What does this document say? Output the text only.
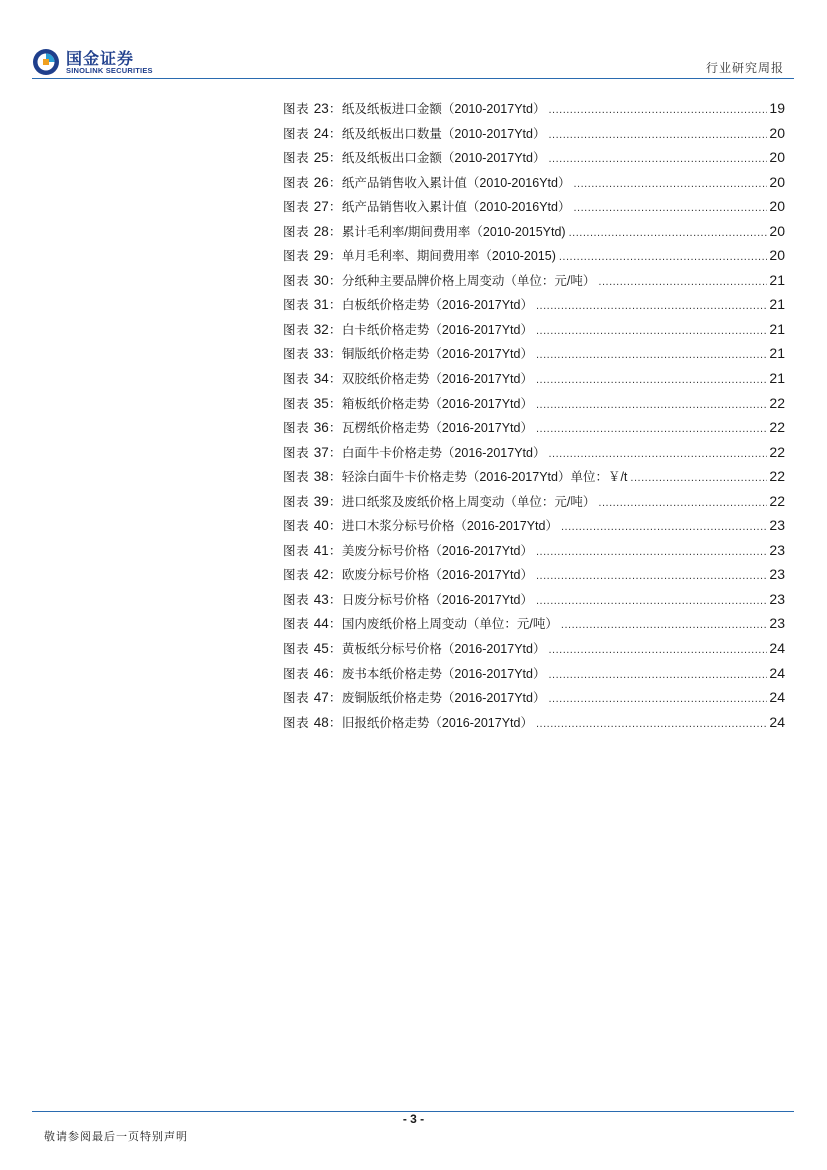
国金证券
SINOLINK SECURITIES	行业研究周报
图表 23：纸及纸板进口金额（2010-2017Ytd） .....	19
图表 24：纸及纸板出口数量（2010-2017Ytd） .....	20
图表 25：纸及纸板出口金额（2010-2017Ytd） .....	20
图表 26：纸产品销售收入累计值（2010-2016Ytd） .....	20
图表 27：纸产品销售收入累计值（2010-2016Ytd） .....	20
图表 28：累计毛利率/期间费用率（2010-2015Ytd) .....	20
图表 29：单月毛利率、期间费用率（2010-2015) .....	20
图表 30：分纸种主要品牌价格上周变动（单位：元/吨） .....	21
图表 31：白板纸价格走势（2016-2017Ytd） .....	21
图表 32：白卡纸价格走势（2016-2017Ytd） .....	21
图表 33：铜版纸价格走势（2016-2017Ytd） .....	21
图表 34：双胶纸价格走势（2016-2017Ytd） .....	21
图表 35：箱板纸价格走势（2016-2017Ytd） .....	22
图表 36：瓦楞纸价格走势（2016-2017Ytd） .....	22
图表 37：白面牛卡价格走势（2016-2017Ytd） .....	22
图表 38：轻涂白面牛卡价格走势（2016-2017Ytd）单位：￥/t .....	22
图表 39：进口纸浆及废纸价格上周变动（单位：元/吨） .....	22
图表 40：进口木浆分标号价格（2016-2017Ytd） .....	23
图表 41：美废分标号价格（2016-2017Ytd） .....	23
图表 42：欧废分标号价格（2016-2017Ytd） .....	23
图表 43：日废分标号价格（2016-2017Ytd） .....	23
图表 44：国内废纸价格上周变动（单位：元/吨） .....	23
图表 45：黄板纸分标号价格（2016-2017Ytd） .....	24
图表 46：废书本纸价格走势（2016-2017Ytd） .....	24
图表 47：废铜版纸价格走势（2016-2017Ytd） .....	24
图表 48：旧报纸价格走势（2016-2017Ytd） .....	24
- 3 -
敬请参阅最后一页特别声明
